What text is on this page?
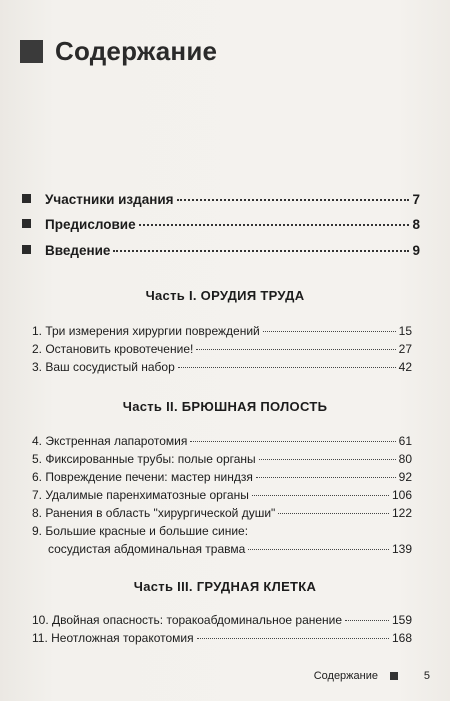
Содержание
Участники издания	7
Предисловие	8
Введение	9
Часть I. ОРУДИЯ ТРУДА
1. Три измерения хирургии повреждений	15
2. Остановить кровотечение!	27
3. Ваш сосудистый набор	42
Часть II. БРЮШНАЯ ПОЛОСТЬ
4. Экстренная лапаротомия	61
5. Фиксированные трубы: полые органы	80
6. Повреждение печени: мастер ниндзя	92
7. Удалимые паренхиматозные органы	106
8. Ранения в область "хирургической души"	122
9. Большие красные и большие синие:
сосудистая абдоминальная травма	139
Часть III. ГРУДНАЯ КЛЕТКА
10. Двойная опасность: торакоабдоминальное ранение	159
11. Неотложная торакотомия	168
Содержание	5
